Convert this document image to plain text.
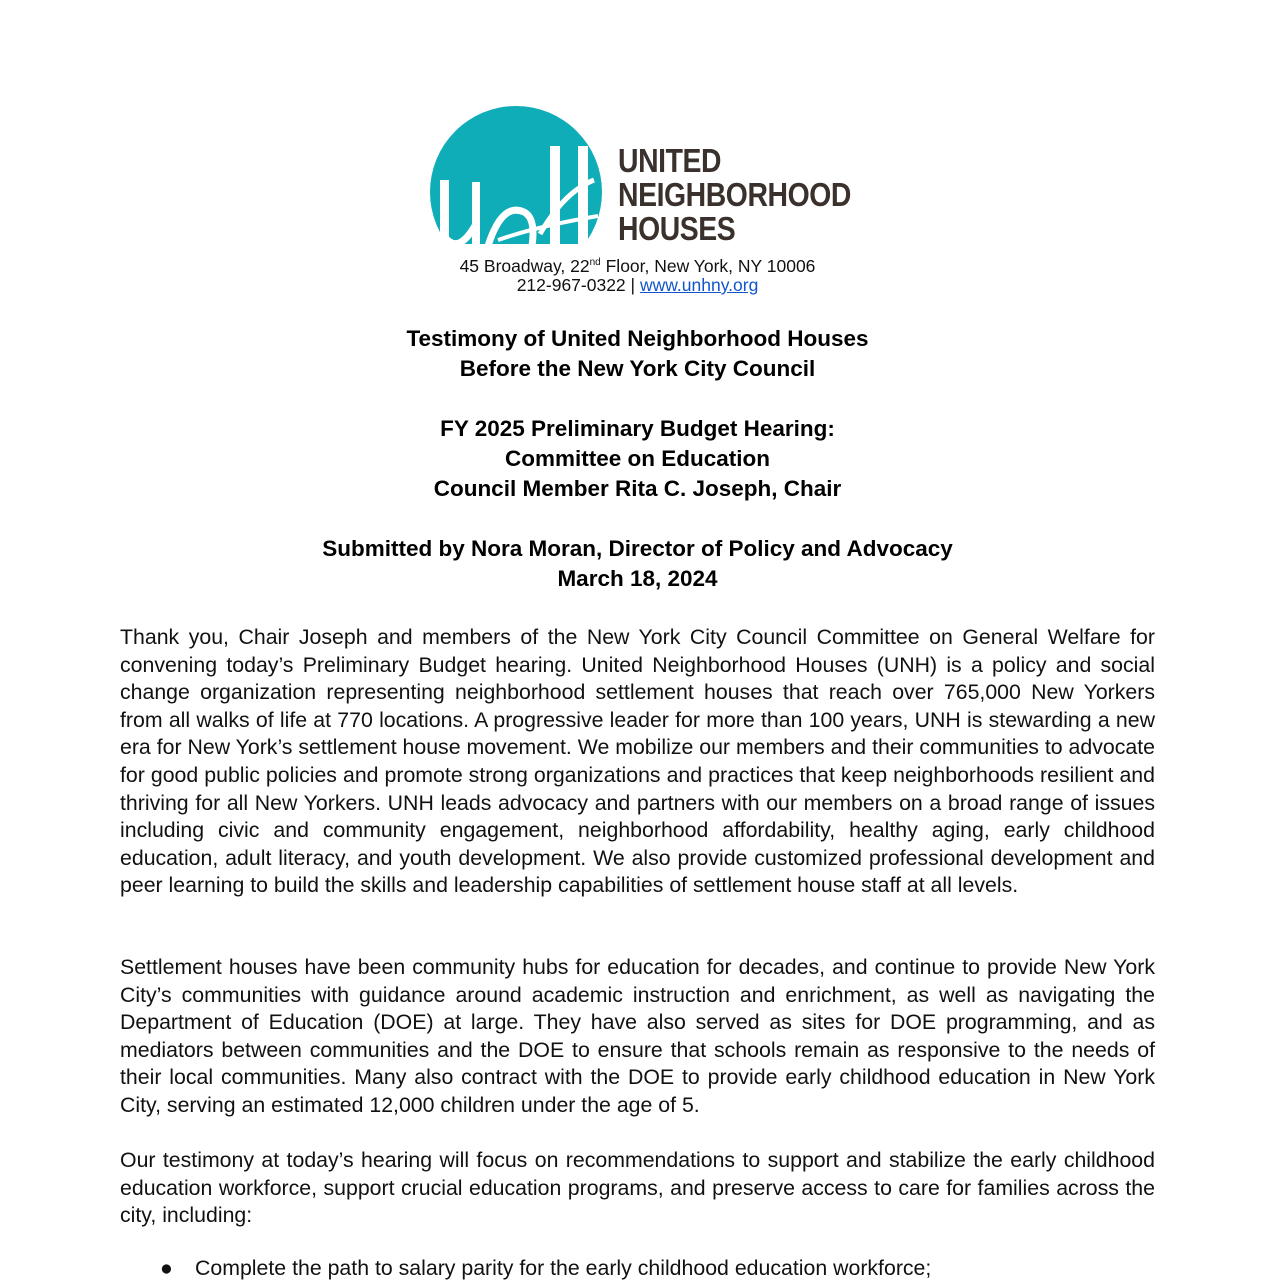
UNITED
NEIGHBORHOOD
HOUSES
45 Broadway, 22nd Floor, New York, NY 10006
212-967-0322 | www.unhny.org
Testimony of United Neighborhood Houses
Before the New York City Council
FY 2025 Preliminary Budget Hearing:
Committee on Education
Council Member Rita C. Joseph, Chair
Submitted by Nora Moran, Director of Policy and Advocacy
March 18, 2024

Thank you, Chair Joseph and members of the New York City Council Committee on General Welfare for convening today’s Preliminary Budget hearing. United Neighborhood Houses (UNH) is a policy and social change organization representing neighborhood settlement houses that reach over 765,000 New Yorkers from all walks of life at 770 locations. A progressive leader for more than 100 years, UNH is stewarding a new era for New York’s settlement house movement. We mobilize our members and their communities to advocate for good public policies and promote strong organizations and practices that keep neighborhoods resilient and thriving for all New Yorkers. UNH leads advocacy and partners with our members on a broad range of issues including civic and community engagement, neighborhood affordability, healthy aging, early childhood education, adult literacy, and youth development. We also provide customized professional development and peer learning to build the skills and leadership capabilities of settlement house staff at all levels.

Settlement houses have been community hubs for education for decades, and continue to provide New York City’s communities with guidance around academic instruction and enrichment, as well as navigating the Department of Education (DOE) at large. They have also served as sites for DOE programming, and as mediators between communities and the DOE to ensure that schools remain as responsive to the needs of their local communities. Many also contract with the DOE to provide early childhood education in New York City, serving an estimated 12,000 children under the age of 5.

Our testimony at today’s hearing will focus on recommendations to support and stabilize the early childhood education workforce, support crucial education programs, and preserve access to care for families across the city, including:

● Complete the path to salary parity for the early childhood education workforce;
